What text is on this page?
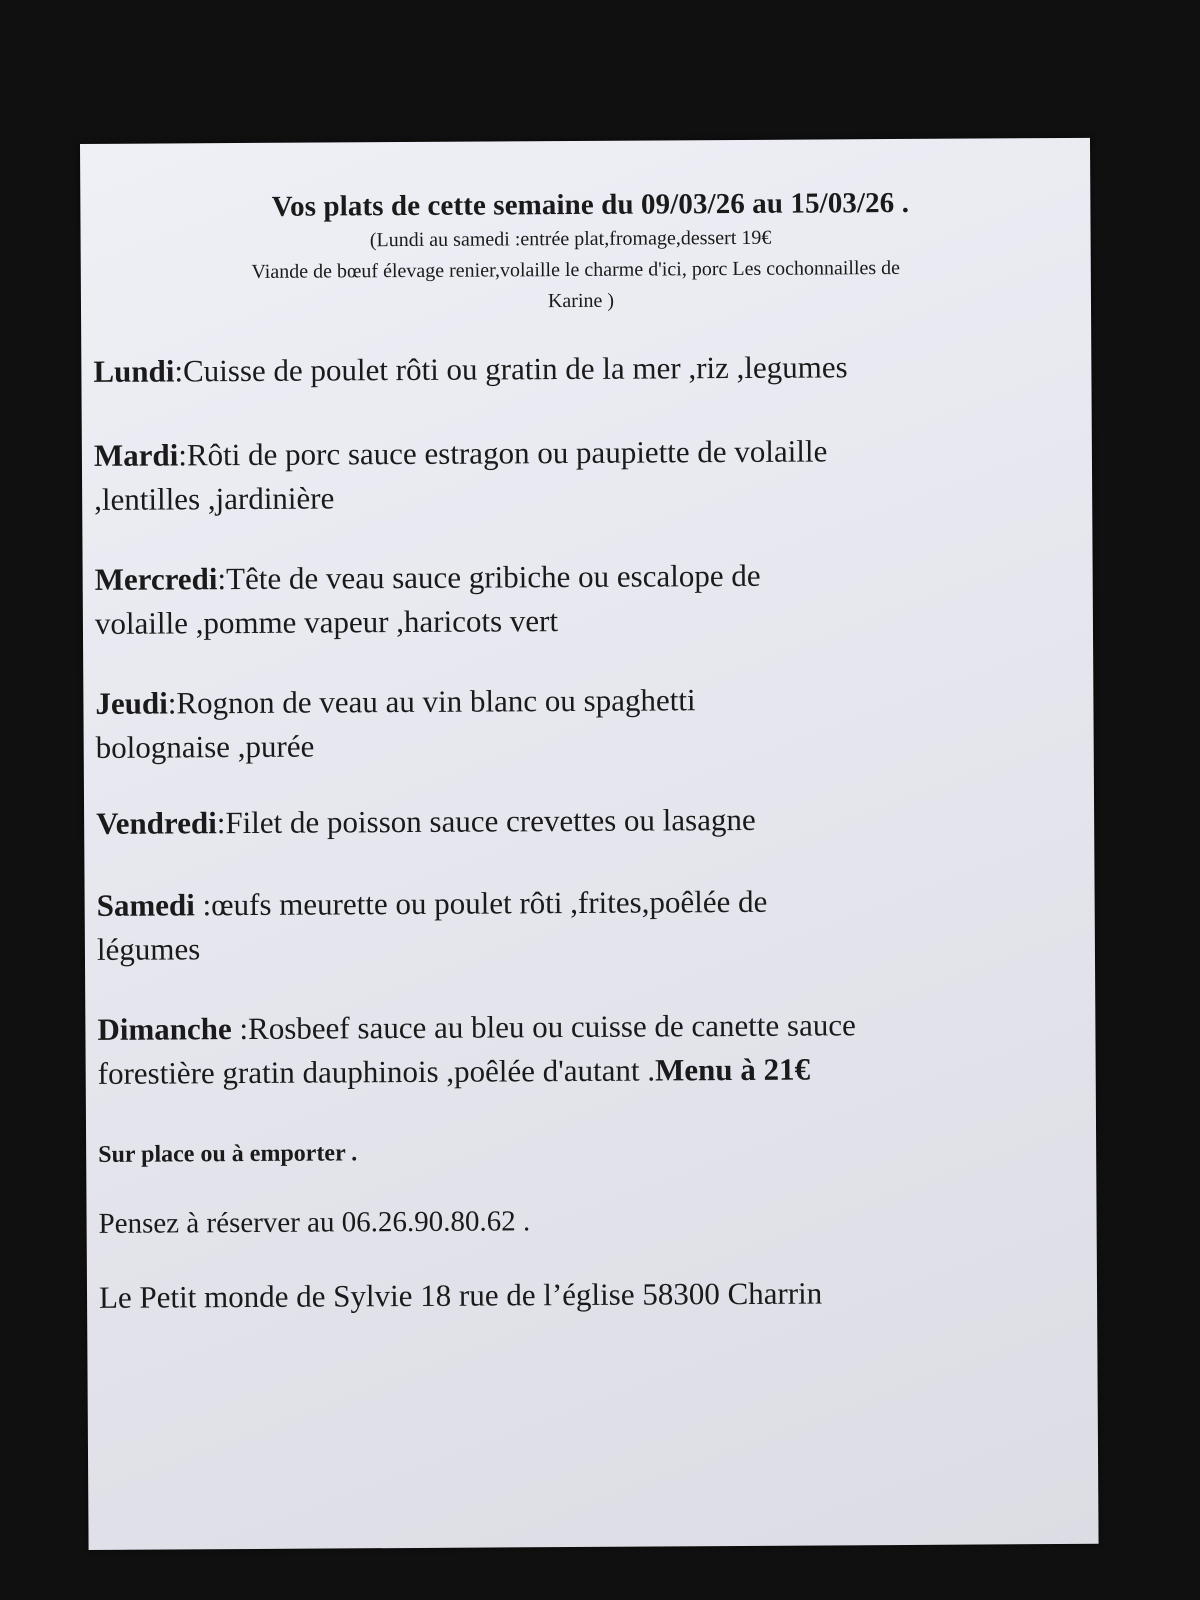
Vos plats de cette semaine du 09/03/26 au 15/03/26 .
(Lundi au samedi :entrée plat,fromage,dessert 19€
Viande de bœuf élevage renier,volaille le charme d'ici, porc Les cochonnailles de
Karine )
Lundi:Cuisse de poulet rôti ou gratin de la mer ,riz ,legumes
Mardi:Rôti de porc sauce estragon ou paupiette de volaille
,lentilles ,jardinière
Mercredi:Tête de veau sauce gribiche ou escalope de
volaille ,pomme vapeur ,haricots vert
Jeudi:Rognon de veau au vin blanc ou spaghetti
bolognaise ,purée
Vendredi:Filet de poisson sauce crevettes ou lasagne
Samedi :œufs meurette ou poulet rôti ,frites,poêlée de
légumes
Dimanche :Rosbeef sauce au bleu ou cuisse de canette sauce
forestière gratin dauphinois ,poêlée d'autant .Menu à 21€
Sur place ou à emporter .
Pensez à réserver au 06.26.90.80.62 .
Le Petit monde de Sylvie 18 rue de l’église 58300 Charrin
